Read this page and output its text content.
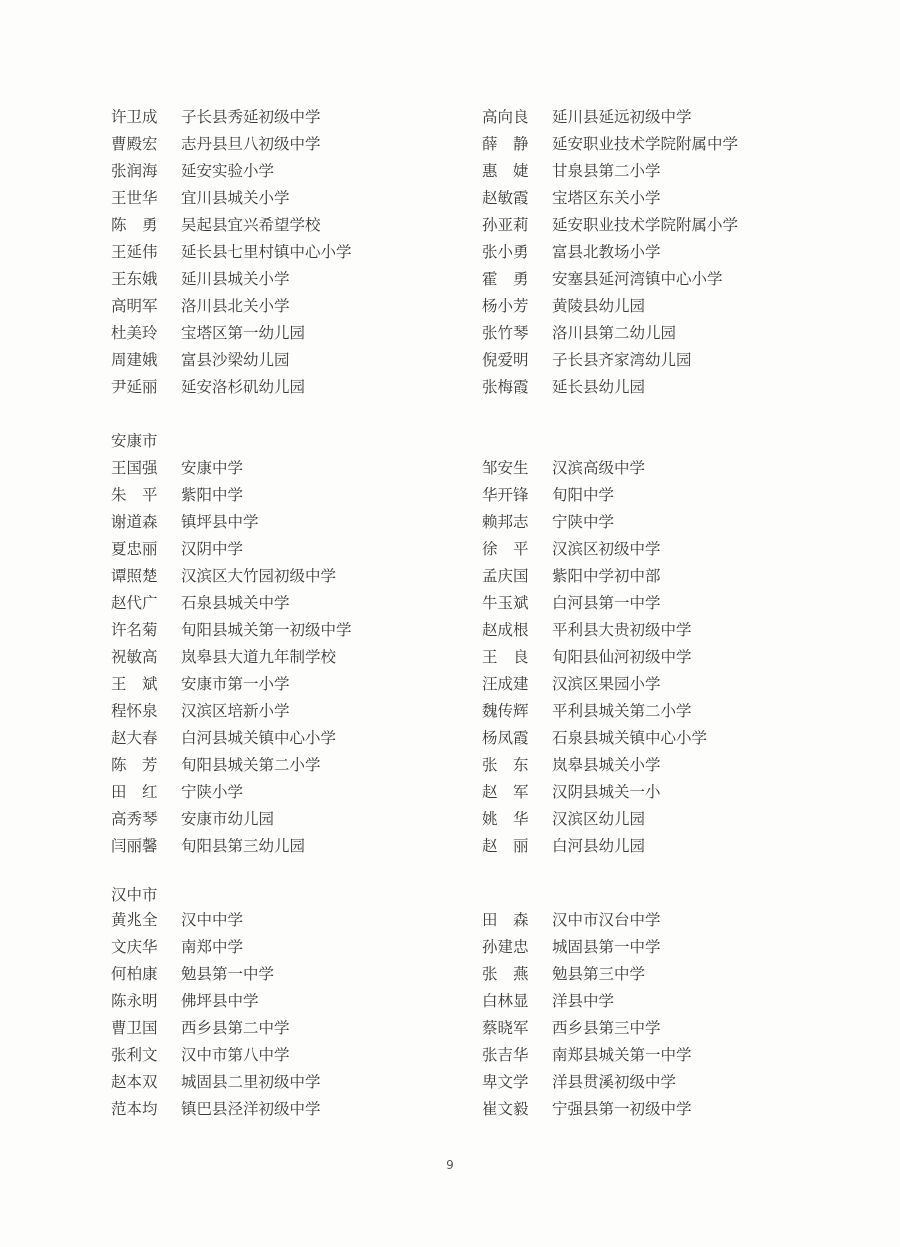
许卫成 子长县秀延初级中学	高向良 延川县延远初级中学
曹殿宏 志丹县旦八初级中学	薛　静 延安职业技术学院附属中学
张润海 延安实验小学	惠　婕 甘泉县第二小学
王世华 宜川县城关小学	赵敏霞 宝塔区东关小学
陈　勇 吴起县宜兴希望学校	孙亚莉 延安职业技术学院附属小学
王延伟 延长县七里村镇中心小学	张小勇 富县北教场小学
王东娥 延川县城关小学	霍　勇 安塞县延河湾镇中心小学
高明军 洛川县北关小学	杨小芳 黄陵县幼儿园
杜美玲 宝塔区第一幼儿园	张竹琴 洛川县第二幼儿园
周建娥 富县沙梁幼儿园	倪爱明 子长县齐家湾幼儿园
尹延丽 延安洛杉矶幼儿园	张梅霞 延长县幼儿园
安康市
王国强 安康中学	邹安生 汉滨高级中学
朱　平 紫阳中学	华开锋 旬阳中学
谢道森 镇坪县中学	赖邦志 宁陕中学
夏忠丽 汉阴中学	徐　平 汉滨区初级中学
谭照楚 汉滨区大竹园初级中学	孟庆国 紫阳中学初中部
赵代广 石泉县城关中学	牛玉斌 白河县第一中学
许名菊 旬阳县城关第一初级中学	赵成根 平利县大贵初级中学
祝敏高 岚皋县大道九年制学校	王　良 旬阳县仙河初级中学
王　斌 安康市第一小学	汪成建 汉滨区果园小学
程怀泉 汉滨区培新小学	魏传辉 平利县城关第二小学
赵大春 白河县城关镇中心小学	杨凤霞 石泉县城关镇中心小学
陈　芳 旬阳县城关第二小学	张　东 岚皋县城关小学
田　红 宁陕小学	赵　军 汉阴县城关一小
高秀琴 安康市幼儿园	姚　华 汉滨区幼儿园
闫丽馨 旬阳县第三幼儿园	赵　丽 白河县幼儿园
汉中市
黄兆全 汉中中学	田　森 汉中市汉台中学
文庆华 南郑中学	孙建忠 城固县第一中学
何柏康 勉县第一中学	张　燕 勉县第三中学
陈永明 佛坪县中学	白林显 洋县中学
曹卫国 西乡县第二中学	蔡晓军 西乡县第三中学
张利文 汉中市第八中学	张吉华 南郑县城关第一中学
赵本双 城固县二里初级中学	卑文学 洋县贯溪初级中学
范本均 镇巴县泾洋初级中学	崔文毅 宁强县第一初级中学
9
